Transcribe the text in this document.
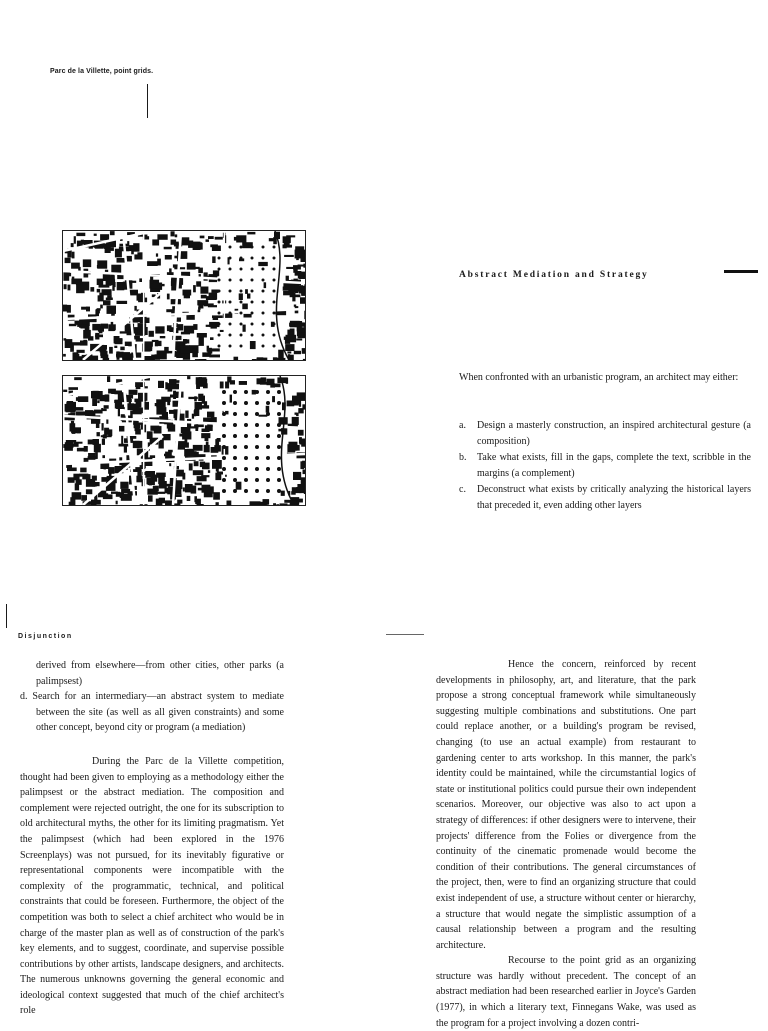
Parc de la Villette, point grids.
Abstract Mediation and Strategy
When confronted with an urbanistic program, an architect may either:
a.	Design a masterly construction, an inspired architectural gesture (a composition)
b.	Take what exists, fill in the gaps, complete the text, scribble in the margins (a complement)
c.	Deconstruct what exists by critically analyzing the historical layers that preceded it, even adding other layers
Disjunction

derived from elsewhere—from other cities, other parks (a palimpsest)

d. Search for an intermediary—an abstract system to mediate between the site (as well as all given constraints) and some other concept, beyond city or program (a mediation)

During the Parc de la Villette competition, thought had been given to employing as a methodology either the palimpsest or the abstract mediation. The composition and complement were rejected outright, the one for its subscription to old architectural myths, the other for its limiting pragmatism. Yet the palimpsest (which had been explored in the 1976 Screenplays) was not pursued, for its inevitably figurative or representational components were incompatible with the complexity of the programmatic, technical, and political constraints that could be foreseen. Furthermore, the object of the competition was both to select a chief architect who would be in charge of the master plan as well as of construction of the park's key elements, and to suggest, coordinate, and supervise possible contributions by other artists, landscape designers, and architects. The numerous unknowns governing the general economic and ideological context suggested that much of the chief architect's role

Hence the concern, reinforced by recent developments in philosophy, art, and literature, that the park propose a strong conceptual framework while simultaneously suggesting multiple combinations and substitutions. One part could replace another, or a building's program be revised, changing (to use an actual example) from restaurant to gardening center to arts workshop. In this manner, the park's identity could be maintained, while the circumstantial logics of state or institutional politics could pursue their own independent scenarios. Moreover, our objective was also to act upon a strategy of differences: if other designers were to intervene, their projects' difference from the Folies or divergence from the continuity of the cinematic promenade would become the condition of their contributions. The general circumstances of the project, then, were to find an organizing structure that could exist independent of use, a structure without center or hierarchy, a structure that would negate the simplistic assumption of a causal relationship between a program and the resulting architecture.

Recourse to the point grid as an organizing structure was hardly without precedent. The concept of an abstract mediation had been researched earlier in Joyce's Garden (1977), in which a literary text, Finnegans Wake, was used as the program for a project involving a dozen contri-
